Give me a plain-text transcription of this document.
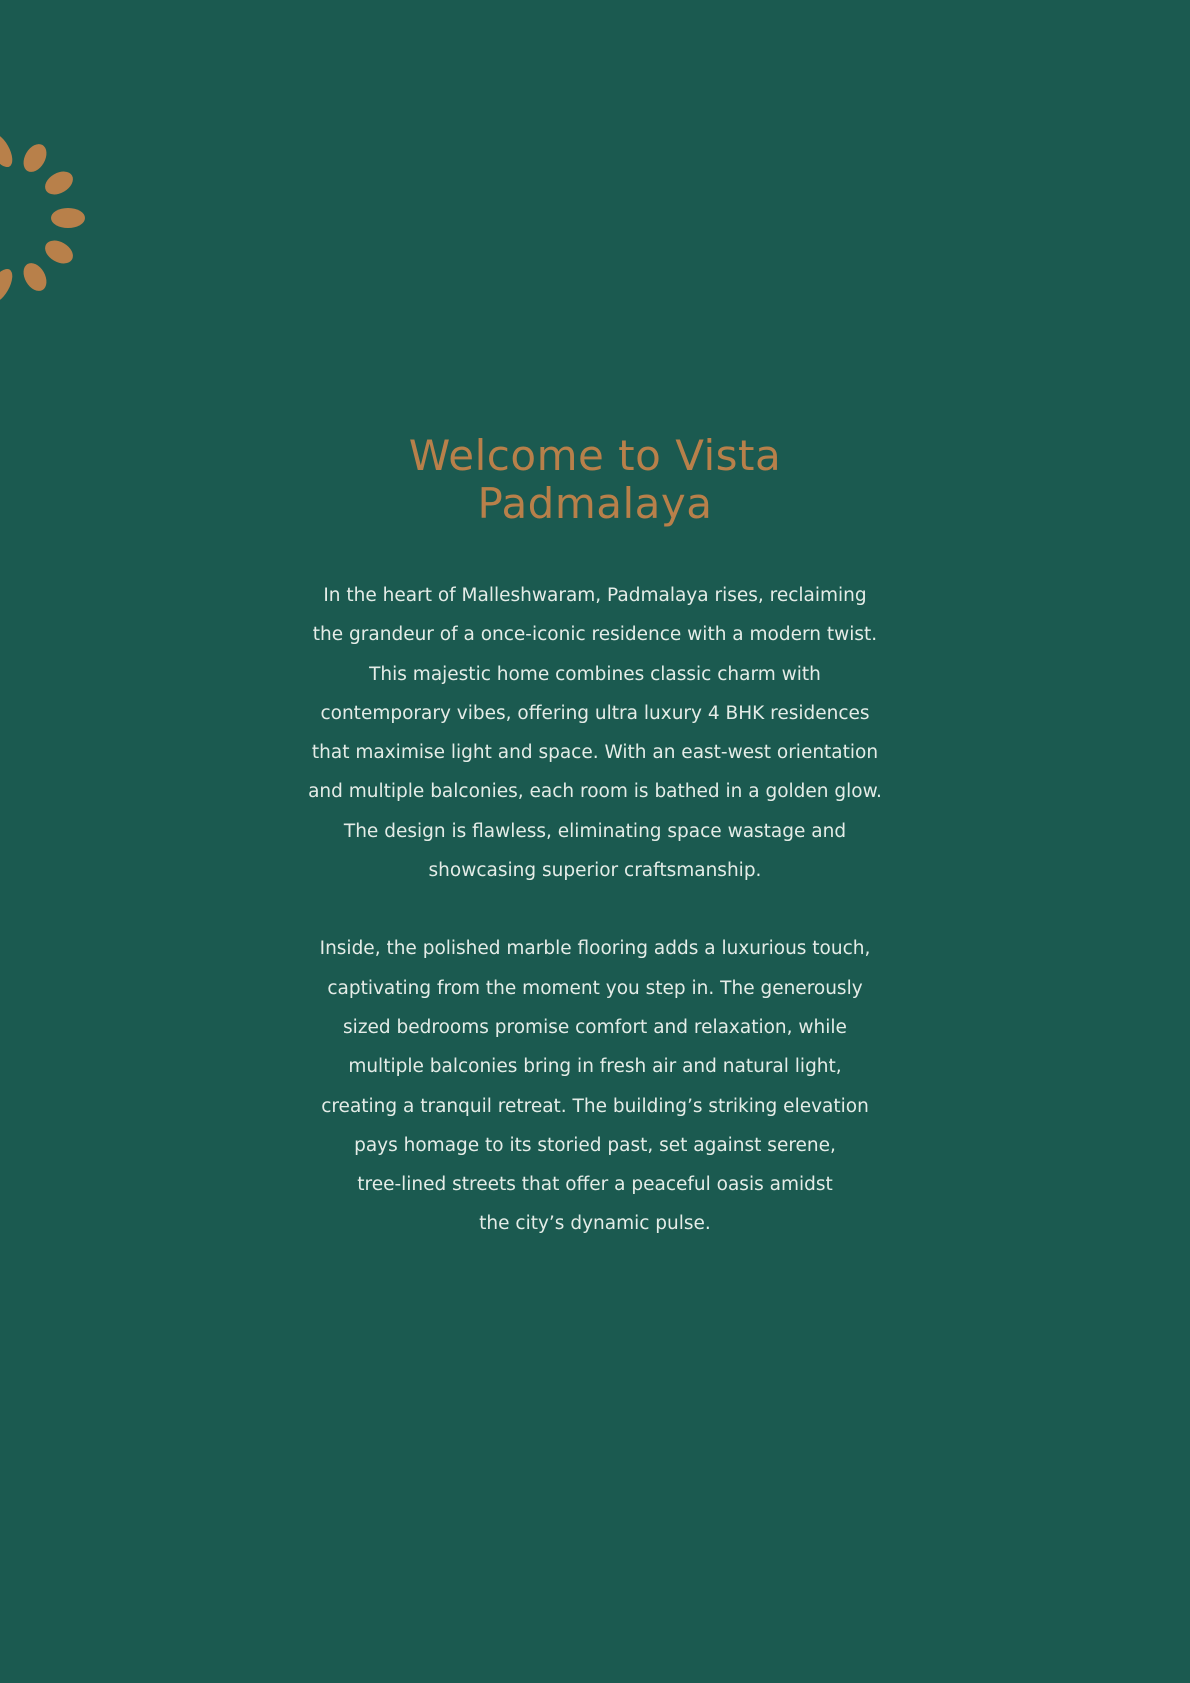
Welcome to Vista
Padmalaya

In the heart of Malleshwaram, Padmalaya rises, reclaiming
the grandeur of a once-iconic residence with a modern twist.
This majestic home combines classic charm with
contemporary vibes, offering ultra luxury 4 BHK residences
that maximise light and space. With an east-west orientation
and multiple balconies, each room is bathed in a golden glow.
The design is flawless, eliminating space wastage and
showcasing superior craftsmanship.

Inside, the polished marble flooring adds a luxurious touch,
captivating from the moment you step in. The generously
sized bedrooms promise comfort and relaxation, while
multiple balconies bring in fresh air and natural light,
creating a tranquil retreat. The building’s striking elevation
pays homage to its storied past, set against serene,
tree-lined streets that offer a peaceful oasis amidst
the city’s dynamic pulse.
